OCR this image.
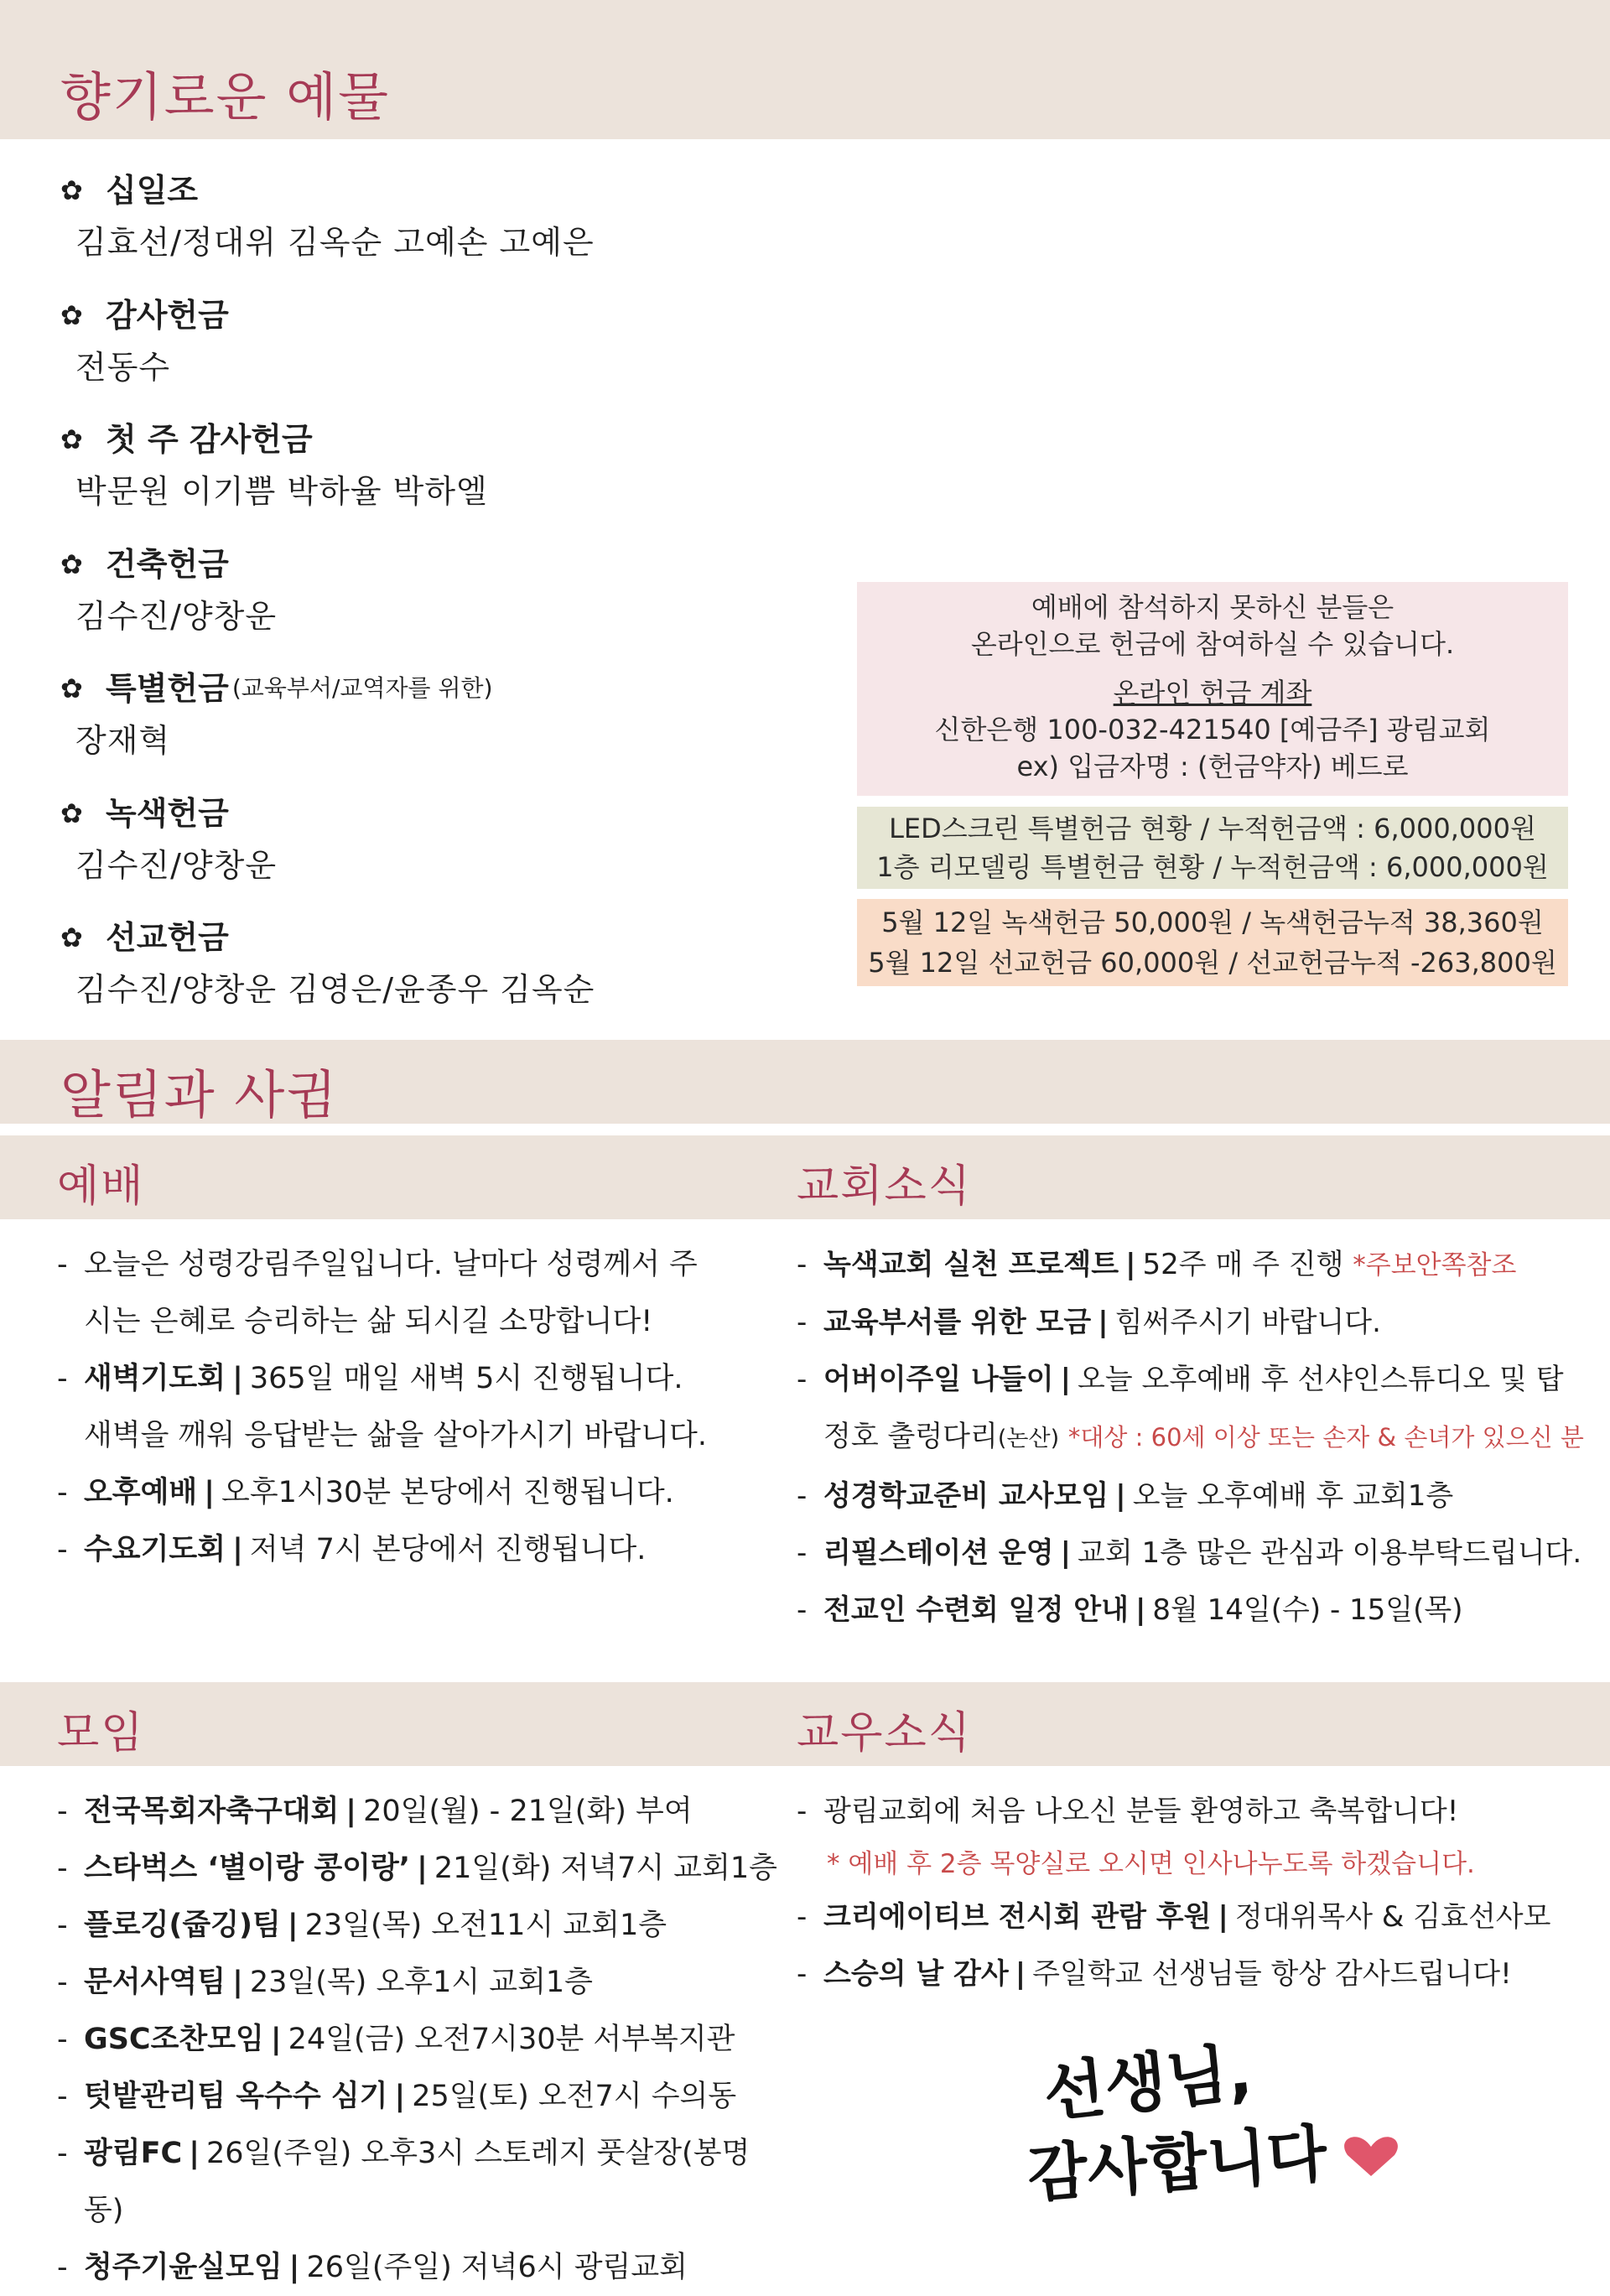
향기로운 예물
✿ 십일조
김효선/정대위 김옥순 고예손 고예은
✿ 감사헌금
전동수
✿ 첫 주 감사헌금
박문원 이기쁨 박하율 박하엘
✿ 건축헌금
김수진/양창운
✿ 특별헌금 (교육부서/교역자를 위한)
장재혁
✿ 녹색헌금
김수진/양창운
✿ 선교헌금
김수진/양창운 김영은/윤종우 김옥순
예배에 참석하지 못하신 분들은
온라인으로 헌금에 참여하실 수 있습니다.
온라인 헌금 계좌
신한은행 100-032-421540 [예금주] 광림교회
ex) 입금자명 : (헌금약자) 베드로
LED스크린 특별헌금 현황 / 누적헌금액 : 6,000,000원
1층 리모델링 특별헌금 현황 / 누적헌금액 : 6,000,000원
5월 12일 녹색헌금 50,000원 / 녹색헌금누적 38,360원
5월 12일 선교헌금 60,000원 / 선교헌금누적 -263,800원
알림과 사귐
예배	교회소식
- 오늘은 성령강림주일입니다. 날마다 성령께서 주
시는 은혜로 승리하는 삶 되시길 소망합니다!
- 새벽기도회 | 365일 매일 새벽 5시 진행됩니다.
새벽을 깨워 응답받는 삶을 살아가시기 바랍니다.
- 오후예배 | 오후1시30분 본당에서 진행됩니다.
- 수요기도회 | 저녁 7시 본당에서 진행됩니다.
- 녹색교회 실천 프로젝트 | 52주 매 주 진행 *주보안쪽참조
- 교육부서를 위한 모금 | 힘써주시기 바랍니다.
- 어버이주일 나들이 | 오늘 오후예배 후 선샤인스튜디오 및 탑
정호 출렁다리(논산) *대상 : 60세 이상 또는 손자 & 손녀가 있으신 분
- 성경학교준비 교사모임 | 오늘 오후예배 후 교회1층
- 리필스테이션 운영 | 교회 1층 많은 관심과 이용부탁드립니다.
- 전교인 수련회 일정 안내 | 8월 14일(수) - 15일(목)
모임	교우소식
- 전국목회자축구대회 | 20일(월) - 21일(화) 부여
- 스타벅스 ‘별이랑 콩이랑’ | 21일(화) 저녁7시 교회1층
- 플로깅(줍깅)팀 | 23일(목) 오전11시 교회1층
- 문서사역팀 | 23일(목) 오후1시 교회1층
- GSC조찬모임 | 24일(금) 오전7시30분 서부복지관
- 텃밭관리팀 옥수수 심기 | 25일(토) 오전7시 수의동
- 광림FC | 26일(주일) 오후3시 스토레지 풋살장(봉명동)
- 청주기윤실모임 | 26일(주일) 저녁6시 광림교회
- 광림교회에 처음 나오신 분들 환영하고 축복합니다!
* 예배 후 2층 목양실로 오시면 인사나누도록 하겠습니다.
- 크리에이티브 전시회 관람 후원 | 정대위목사 & 김효선사모
- 스승의 날 감사 | 주일학교 선생님들 항상 감사드립니다!
선생님,
감사합니다
